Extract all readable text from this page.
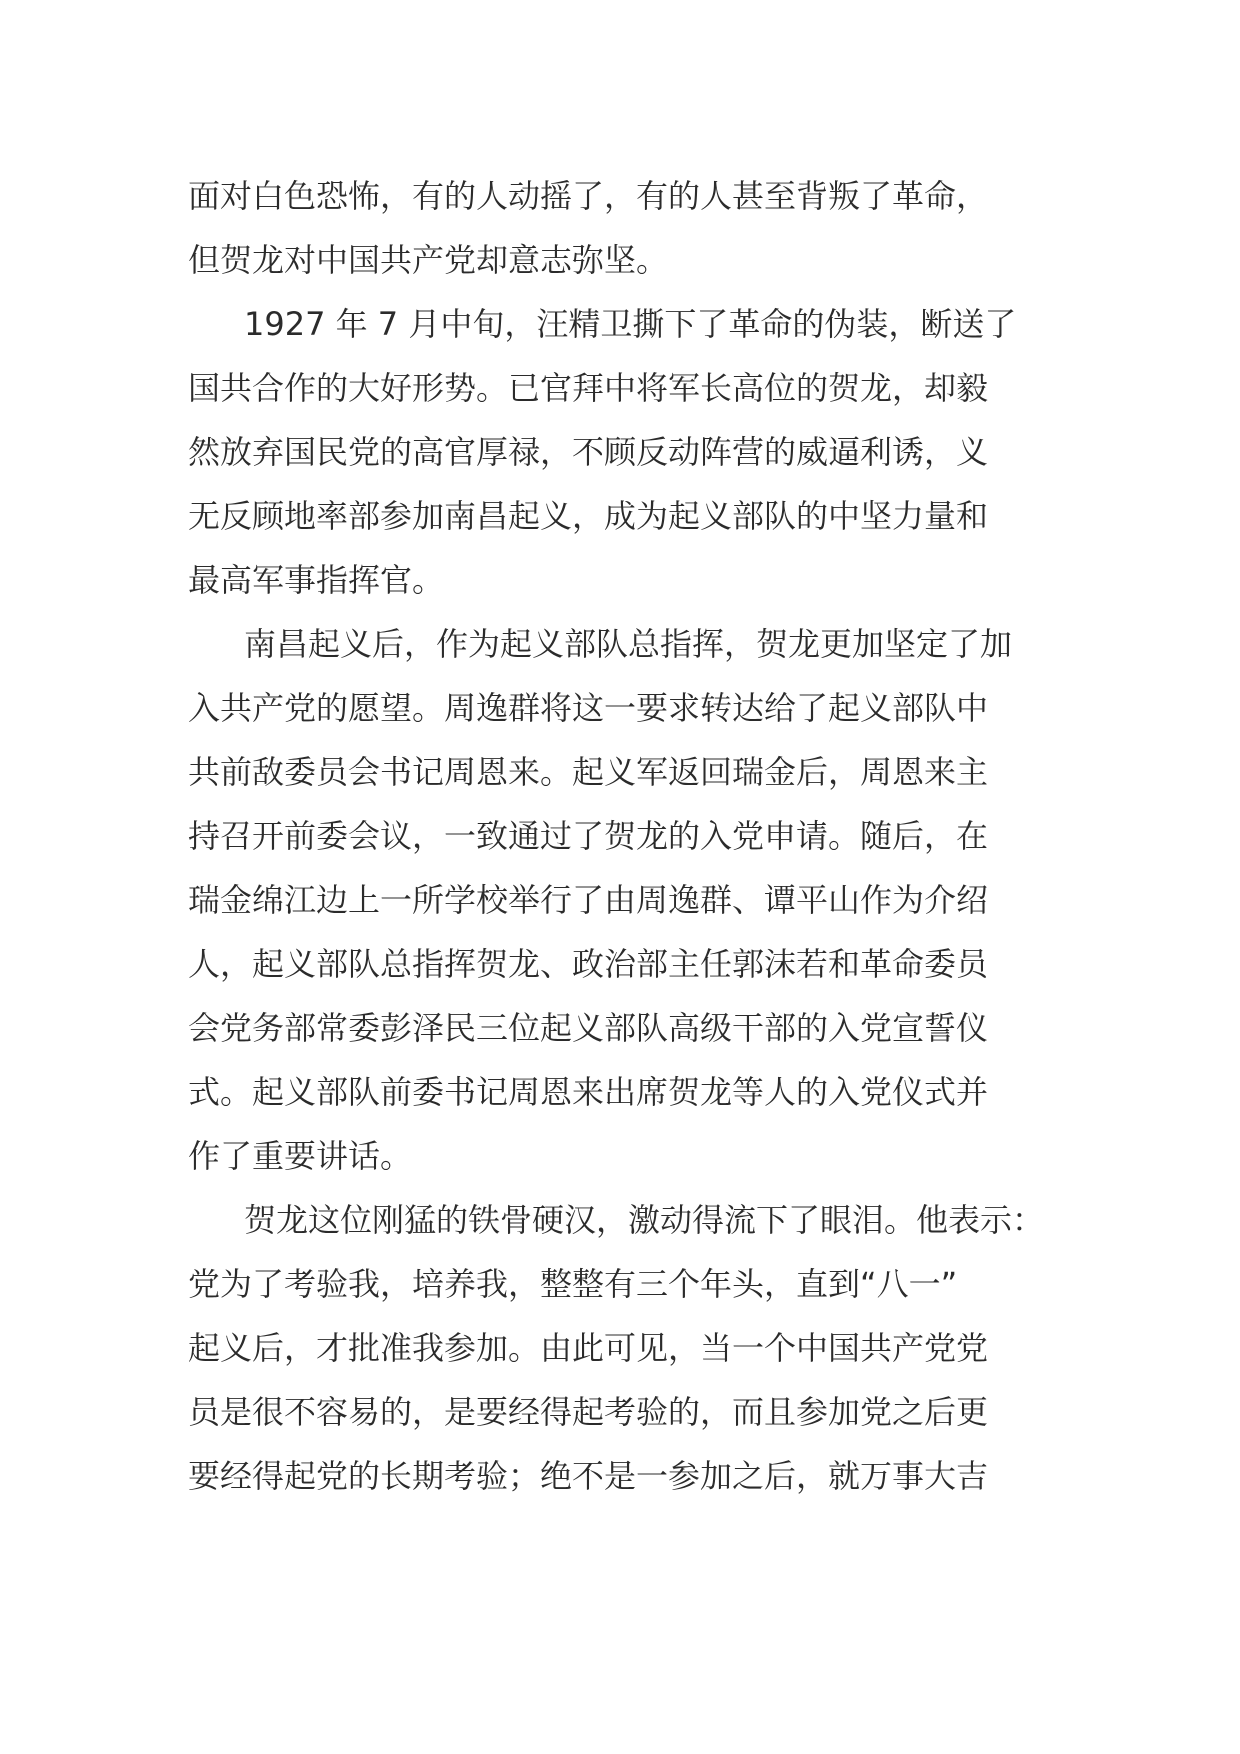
面对白色恐怖，有的人动摇了，有的人甚至背叛了革命，
但贺龙对中国共产党却意志弥坚。
1927 年 7 月中旬，汪精卫撕下了革命的伪装，断送了
国共合作的大好形势。已官拜中将军长高位的贺龙，却毅
然放弃国民党的高官厚禄，不顾反动阵营的威逼利诱，义
无反顾地率部参加南昌起义，成为起义部队的中坚力量和
最高军事指挥官。
南昌起义后，作为起义部队总指挥，贺龙更加坚定了加
入共产党的愿望。周逸群将这一要求转达给了起义部队中
共前敌委员会书记周恩来。起义军返回瑞金后，周恩来主
持召开前委会议，一致通过了贺龙的入党申请。随后，在
瑞金绵江边上一所学校举行了由周逸群、谭平山作为介绍
人，起义部队总指挥贺龙、政治部主任郭沫若和革命委员
会党务部常委彭泽民三位起义部队高级干部的入党宣誓仪
式。起义部队前委书记周恩来出席贺龙等人的入党仪式并
作了重要讲话。
贺龙这位刚猛的铁骨硬汉，激动得流下了眼泪。他表示：
党为了考验我，培养我，整整有三个年头，直到“八一”
起义后，才批准我参加。由此可见，当一个中国共产党党
员是很不容易的，是要经得起考验的，而且参加党之后更
要经得起党的长期考验；绝不是一参加之后，就万事大吉
